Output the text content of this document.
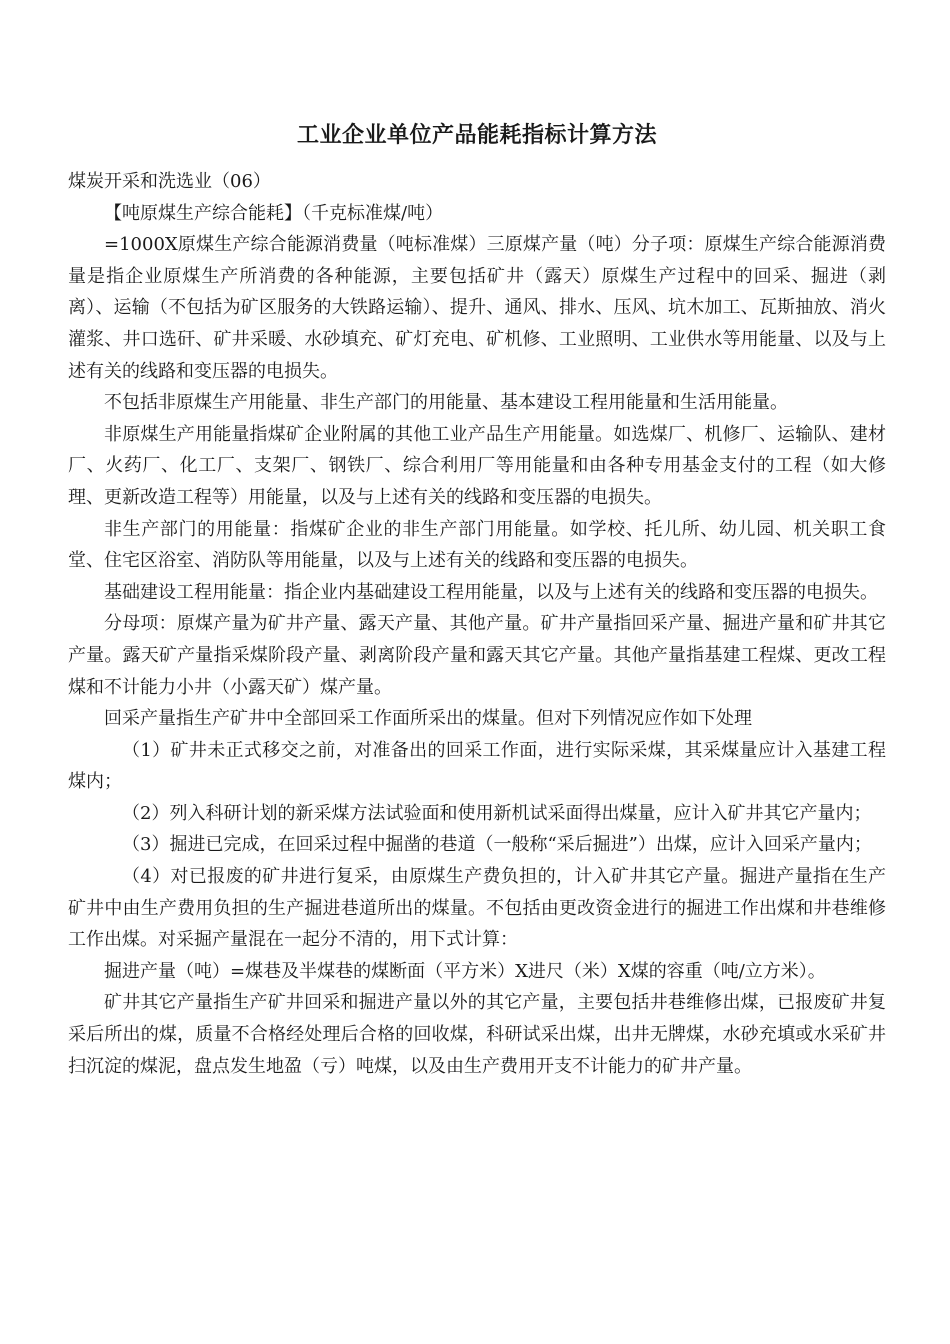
工业企业单位产品能耗指标计算方法

煤炭开采和洗选业（06）

【吨原煤生产综合能耗】（千克标准煤/吨）

=1000X原煤生产综合能源消费量（吨标准煤）三原煤产量（吨）分子项：原煤生产综合能源消费量是指企业原煤生产所消费的各种能源，主要包括矿井（露天）原煤生产过程中的回采、掘进（剥离）、运输（不包括为矿区服务的大铁路运输）、提升、通风、排水、压风、坑木加工、瓦斯抽放、消火灌浆、井口选矸、矿井采暖、水砂填充、矿灯充电、矿机修、工业照明、工业供水等用能量、以及与上述有关的线路和变压器的电损失。

不包括非原煤生产用能量、非生产部门的用能量、基本建设工程用能量和生活用能量。

非原煤生产用能量指煤矿企业附属的其他工业产品生产用能量。如选煤厂、机修厂、运输队、建材厂、火药厂、化工厂、支架厂、钢铁厂、综合利用厂等用能量和由各种专用基金支付的工程（如大修理、更新改造工程等）用能量，以及与上述有关的线路和变压器的电损失。

非生产部门的用能量：指煤矿企业的非生产部门用能量。如学校、托儿所、幼儿园、机关职工食堂、住宅区浴室、消防队等用能量，以及与上述有关的线路和变压器的电损失。

基础建设工程用能量：指企业内基础建设工程用能量，以及与上述有关的线路和变压器的电损失。

分母项：原煤产量为矿井产量、露天产量、其他产量。矿井产量指回采产量、掘进产量和矿井其它产量。露天矿产量指采煤阶段产量、剥离阶段产量和露天其它产量。其他产量指基建工程煤、更改工程煤和不计能力小井（小露天矿）煤产量。

回采产量指生产矿井中全部回采工作面所采出的煤量。但对下列情况应作如下处理

（1）矿井未正式移交之前，对准备出的回采工作面，进行实际采煤，其采煤量应计入基建工程煤内；

（2）列入科研计划的新采煤方法试验面和使用新机试采面得出煤量，应计入矿井其它产量内；

（3）掘进已完成，在回采过程中掘凿的巷道（一般称“采后掘进”）出煤，应计入回采产量内；

（4）对已报废的矿井进行复采，由原煤生产费负担的，计入矿井其它产量。掘进产量指在生产矿井中由生产费用负担的生产掘进巷道所出的煤量。不包括由更改资金进行的掘进工作出煤和井巷维修工作出煤。对采掘产量混在一起分不清的，用下式计算：

掘进产量（吨）=煤巷及半煤巷的煤断面（平方米）X进尺（米）X煤的容重（吨/立方米）。

矿井其它产量指生产矿井回采和掘进产量以外的其它产量，主要包括井巷维修出煤，已报废矿井复采后所出的煤，质量不合格经处理后合格的回收煤，科研试采出煤，出井无牌煤，水砂充填或水采矿井扫沉淀的煤泥，盘点发生地盈（亏）吨煤，以及由生产费用开支不计能力的矿井产量。
